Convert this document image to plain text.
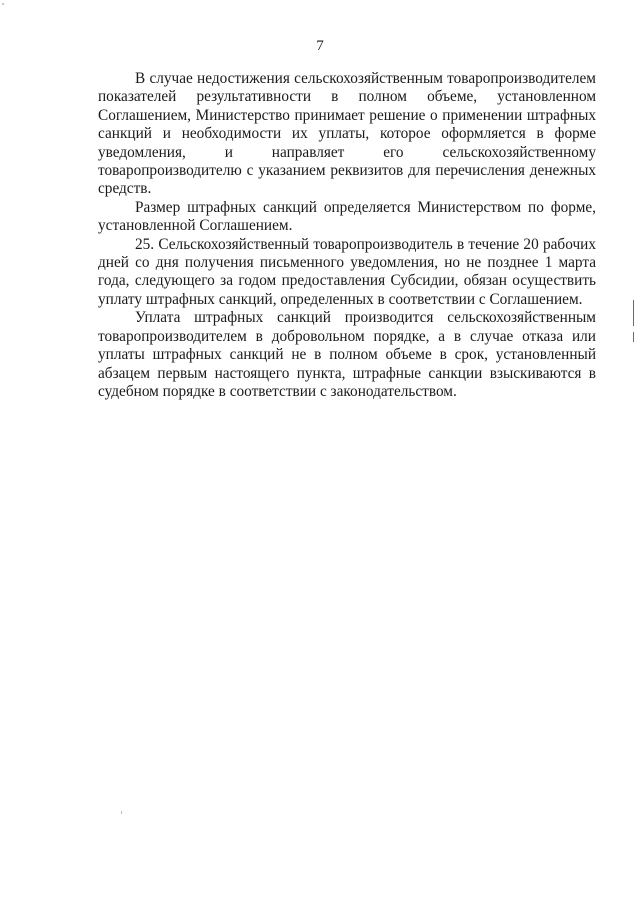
7

В случае недостижения сельскохозяйственным товаропроизводителем показателей результативности в полном объеме, установленном Соглашением, Министерство принимает решение о применении штрафных санкций и необходимости их уплаты, которое оформляется в форме уведомления, и направляет его сельскохозяйственному товаропроизводителю с указанием реквизитов для перечисления денежных средств.

Размер штрафных санкций определяется Министерством по форме, установленной Соглашением.

25. Сельскохозяйственный товаропроизводитель в течение 20 рабочих дней со дня получения письменного уведомления, но не позднее 1 марта года, следующего за годом предоставления Субсидии, обязан осуществить уплату штрафных санкций, определенных в соответствии с Соглашением.

Уплата штрафных санкций производится сельскохозяйственным товаропроизводителем в добровольном порядке, а в случае отказа или уплаты штрафных санкций не в полном объеме в срок, установленный абзацем первым настоящего пункта, штрафные санкции взыскиваются в судебном порядке в соответствии с законодательством.
